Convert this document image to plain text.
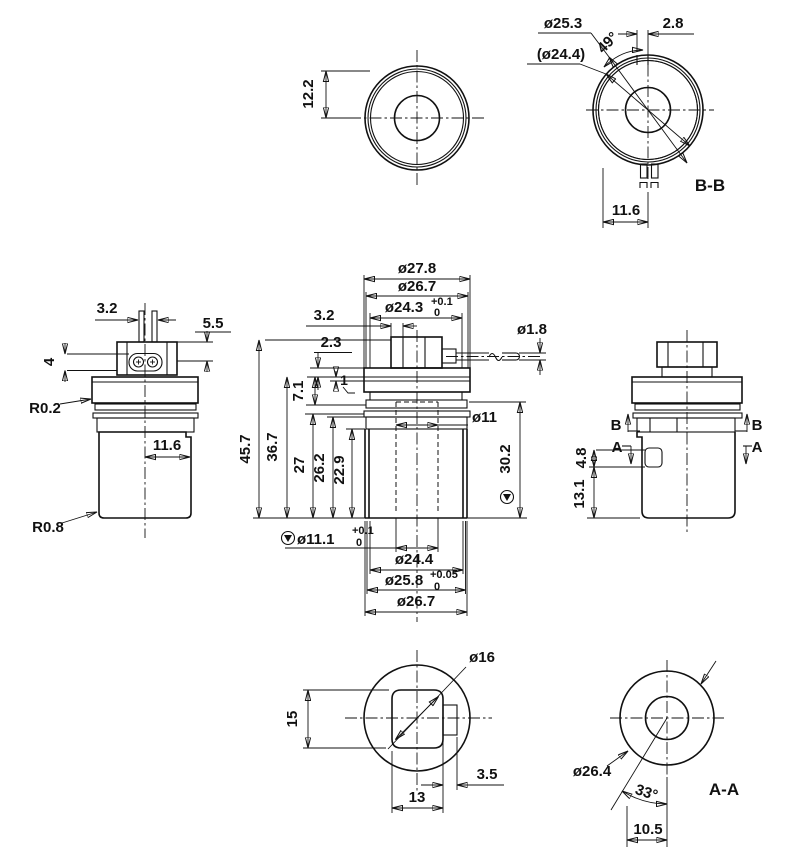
12.2
2.8
ø25.3
(ø24.4) 49°
11.6
B-B
3.2
4
5.5
R0.2
11.6
R0.8
ø27.8
ø26.7
ø24.3 +0.1
0
3.2
2.3
7.1
1
45.7 36.7
27 26.2 22.9	30.2
ø11
ø11.1 +0.1
0
ø24.4
ø25.8 +0.05
0
ø26.7
ø1.8
B	B
A	A
4.8
13.1
ø16
15
13
3.5	ø26.4
33°
10.5
A-A
